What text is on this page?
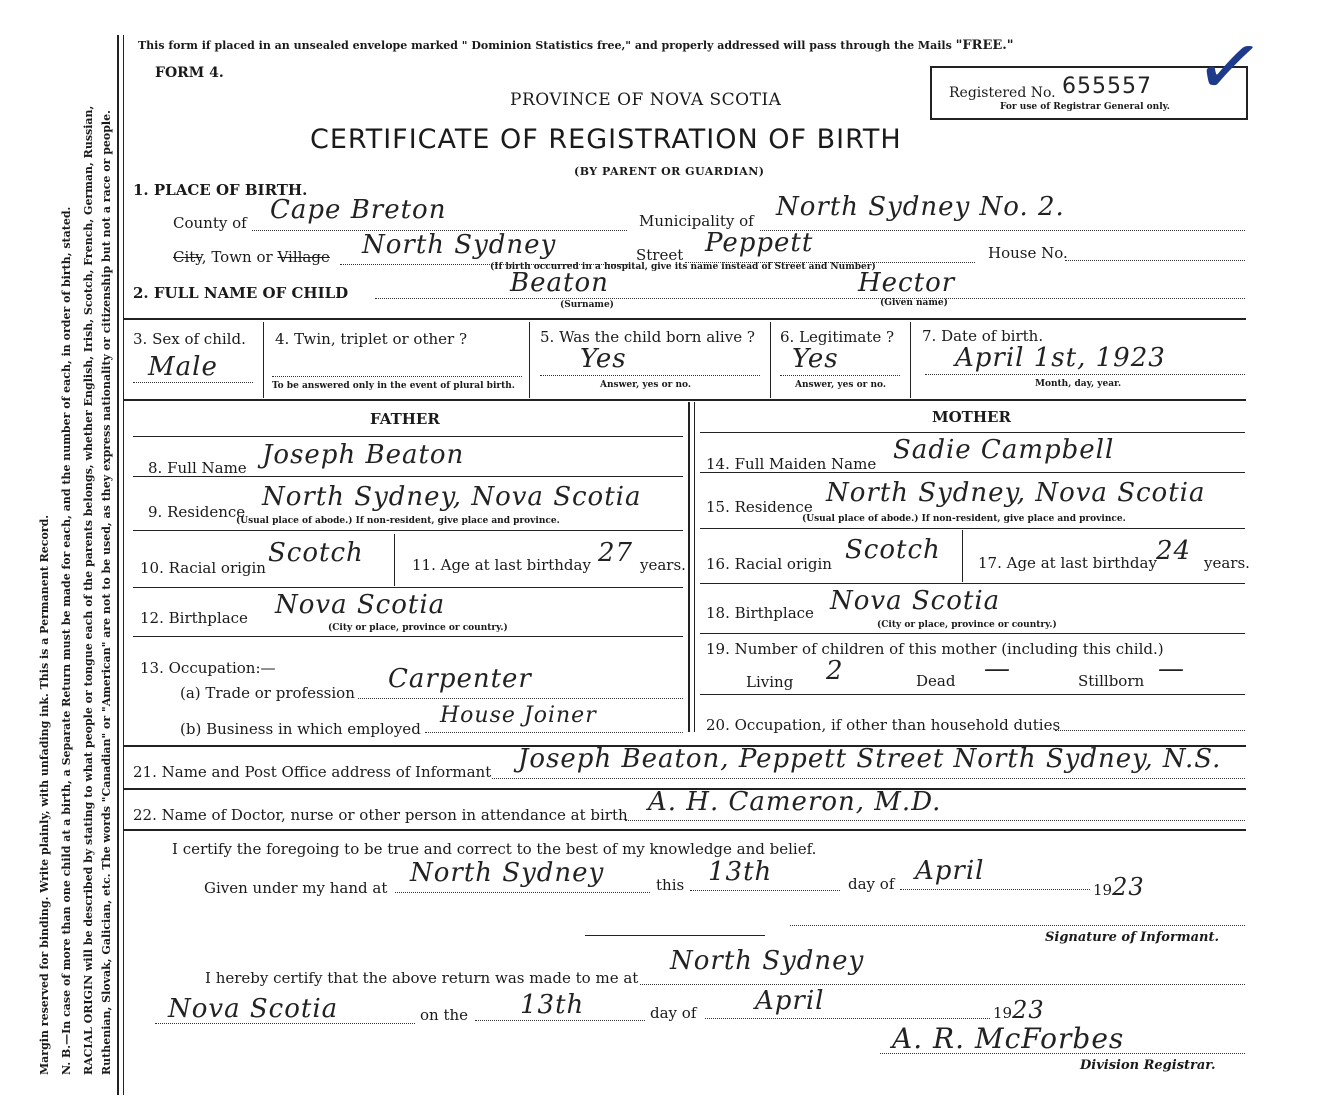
Margin reserved for binding. Write plainly, with unfading ink. This is a Permanent Record. N. B.—In case of more than one child at a birth, a Separate Return must be made for each, and the number of each, in order of birth, stated. RACIAL ORIGIN will be described by stating to what people or tongue each of the parents belongs, whether English, Irish, Scotch, French, German, Russian, Ruthenian, Slovak, Galician, etc. The words "Canadian" or "American" are not to be used, as they express nationality or citizenship but not a race or people.
This form if placed in an unsealed envelope marked " Dominion Statistics free," and properly addressed will pass through the Mails "FREE."
FORM 4.
PROVINCE OF NOVA SCOTIA
CERTIFICATE OF REGISTRATION OF BIRTH
(BY PARENT OR GUARDIAN)
Registered No. 655557
For use of Registrar General only. ✓
1. PLACE OF BIRTH.
County of Cape Breton	Municipality of North Sydney No. 2.
City, Town or Village North Sydney	Street Peppett	House No.
(If birth occurred in a hospital, give its name instead of Street and Number)
2. FULL NAME OF CHILD	Beaton	Hector
(Surname)	(Given name)
3. Sex of child.
Male
4. Twin, triplet or other ?
To be answered only in the event of plural birth.
5. Was the child born alive ?
Yes
Answer, yes or no.
6. Legitimate ?
Yes
Answer, yes or no.
7. Date of birth.
April 1st, 1923
Month, day, year.
FATHER	MOTHER
8. Full Name Joseph Beaton
9. Residence North Sydney, Nova Scotia
(Usual place of abode.) If non-resident, give place and province.
10. Racial origin Scotch	11. Age at last birthday 27 years.
12. Birthplace Nova Scotia
(City or place, province or country.)
13. Occupation:—
(a) Trade or profession Carpenter
(b) Business in which employed
House Joiner
14. Full Maiden Name Sadie Campbell
15. Residence North Sydney, Nova Scotia
(Usual place of abode.) If non-resident, give place and province.
16. Racial origin Scotch 17. Age at last birthday 24 years.
18. Birthplace Nova Scotia
(City or place, province or country.)
19. Number of children of this mother (including this child.)
Living 2	Dead —	Stillborn —
20. Occupation, if other than household duties
21. Name and Post Office address of Informant Joseph Beaton, Peppett Street North Sydney, N.S.
22. Name of Doctor, nurse or other person in attendance at birth A. H. Cameron, M.D.
I certify the foregoing to be true and correct to the best of my knowledge and belief.
Given under my hand at North Sydney	this 13th	day of April
1923
Signature of Informant.
I hereby certify that the above return was made to me at
North Sydney
Nova Scotia	on the 13th	day of April	1923
A. R. McForbes
Division Registrar.
